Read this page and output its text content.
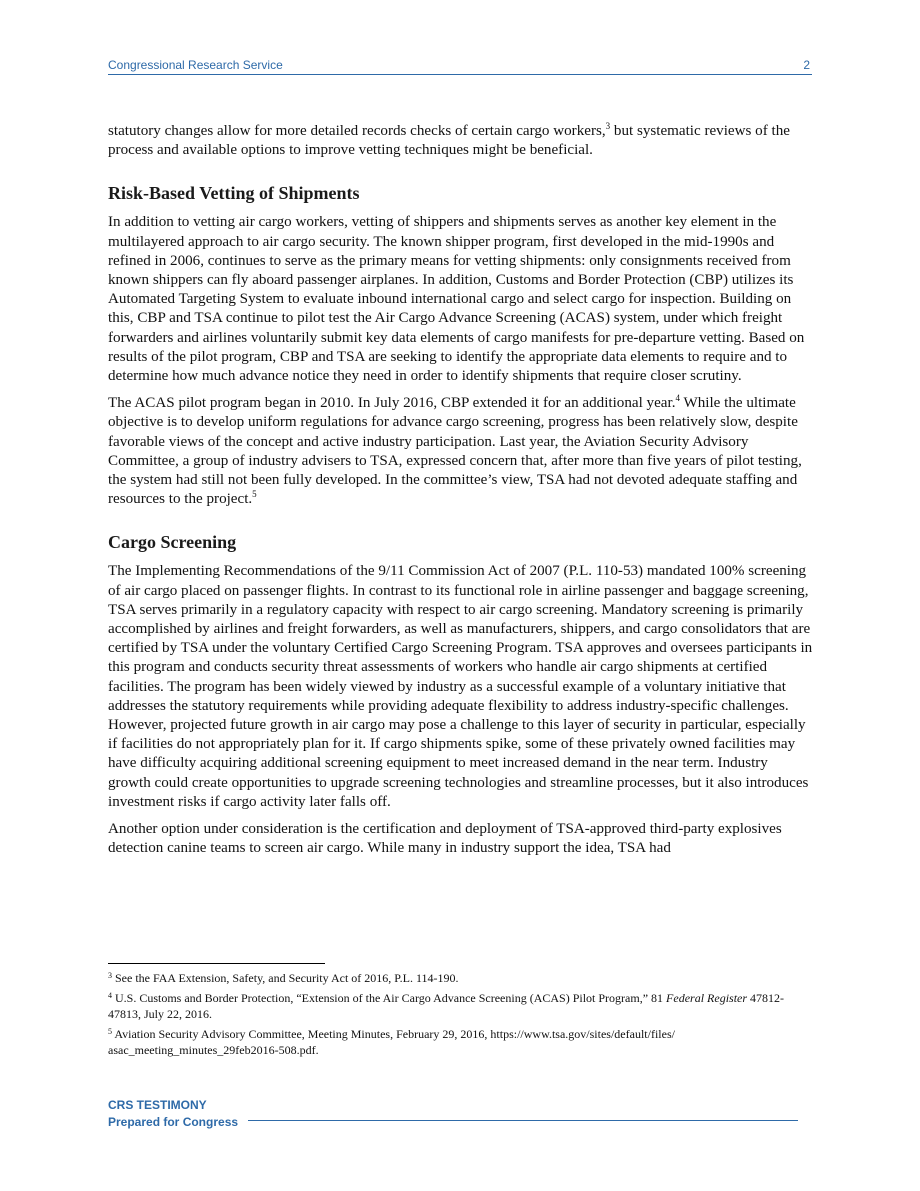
Congressional Research Service	2

statutory changes allow for more detailed records checks of certain cargo workers,$^3$ but systematic reviews of the process and available options to improve vetting techniques might be beneficial.

Risk-Based Vetting of Shipments

In addition to vetting air cargo workers, vetting of shippers and shipments serves as another key element in the multilayered approach to air cargo security. The known shipper program, first developed in the mid-1990s and refined in 2006, continues to serve as the primary means for vetting shipments: only consignments received from known shippers can fly aboard passenger airplanes. In addition, Customs and Border Protection (CBP) utilizes its Automated Targeting System to evaluate inbound international cargo and select cargo for inspection. Building on this, CBP and TSA continue to pilot test the Air Cargo Advance Screening (ACAS) system, under which freight forwarders and airlines voluntarily submit key data elements of cargo manifests for pre-departure vetting. Based on results of the pilot program, CBP and TSA are seeking to identify the appropriate data elements to require and to determine how much advance notice they need in order to identify shipments that require closer scrutiny.

The ACAS pilot program began in 2010. In July 2016, CBP extended it for an additional year.$^4$ While the ultimate objective is to develop uniform regulations for advance cargo screening, progress has been relatively slow, despite favorable views of the concept and active industry participation. Last year, the Aviation Security Advisory Committee, a group of industry advisers to TSA, expressed concern that, after more than five years of pilot testing, the system had still not been fully developed. In the committee’s view, TSA had not devoted adequate staffing and resources to the project.$^5$

Cargo Screening

The Implementing Recommendations of the 9/11 Commission Act of 2007 (P.L. 110-53) mandated 100% screening of air cargo placed on passenger flights. In contrast to its functional role in airline passenger and baggage screening, TSA serves primarily in a regulatory capacity with respect to air cargo screening. Mandatory screening is primarily accomplished by airlines and freight forwarders, as well as manufacturers, shippers, and cargo consolidators that are certified by TSA under the voluntary Certified Cargo Screening Program. TSA approves and oversees participants in this program and conducts security threat assessments of workers who handle air cargo shipments at certified facilities. The program has been widely viewed by industry as a successful example of a voluntary initiative that addresses the statutory requirements while providing adequate flexibility to address industry-specific challenges. However, projected future growth in air cargo may pose a challenge to this layer of security in particular, especially if facilities do not appropriately plan for it. If cargo shipments spike, some of these privately owned facilities may have difficulty acquiring additional screening equipment to meet increased demand in the near term. Industry growth could create opportunities to upgrade screening technologies and streamline processes, but it also introduces investment risks if cargo activity later falls off.

Another option under consideration is the certification and deployment of TSA-approved third-party explosives detection canine teams to screen air cargo. While many in industry support the idea, TSA had

$^3$ See the FAA Extension, Safety, and Security Act of 2016, P.L. 114-190.

$^4$ U.S. Customs and Border Protection, “Extension of the Air Cargo Advance Screening (ACAS) Pilot Program,” 81 Federal Register 47812-47813, July 22, 2016.

$^5$ Aviation Security Advisory Committee, Meeting Minutes, February 29, 2016, https://www.tsa.gov/sites/default/files/ asac_meeting_minutes_29feb2016-508.pdf.

CRS TESTIMONY
Prepared for Congress
